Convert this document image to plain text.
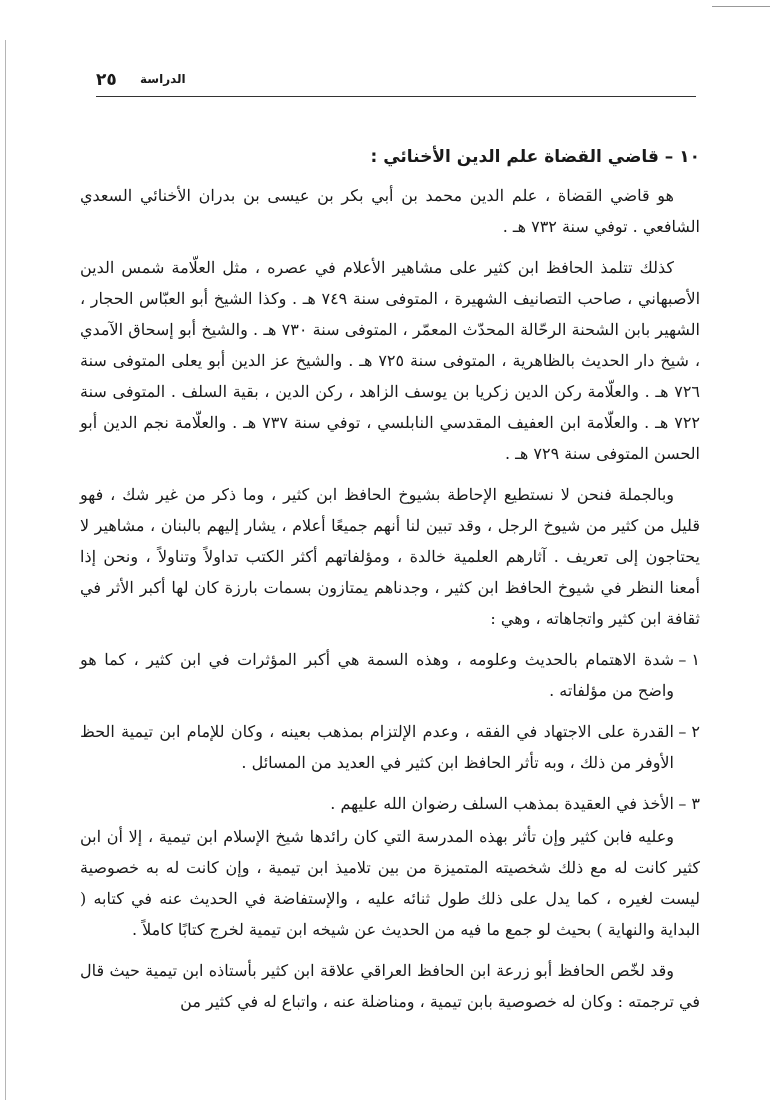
٢٥ الدراسة
١٠ – قاضي القضاة علم الدين الأخنائي :

هو قاضي القضاة ، علم الدين محمد بن أبي بكر بن عيسى بن بدران الأخنائي السعدي الشافعي . توفي سنة ٧٣٢ هـ .

كذلك تتلمذ الحافظ ابن كثير على مشاهير الأعلام في عصره ، مثل العلّامة شمس الدين الأصبهاني ، صاحب التصانيف الشهيرة ، المتوفى سنة ٧٤٩ هـ . وكذا الشيخ أبو العبّاس الحجار ، الشهير بابن الشحنة الرحّالة المحدّث المعمّر ، المتوفى سنة ٧٣٠ هـ . والشيخ أبو إسحاق الآمدي ، شيخ دار الحديث بالظاهرية ، المتوفى سنة ٧٢٥ هـ . والشيخ عز الدين أبو يعلى المتوفى سنة ٧٢٦ هـ . والعلّامة ركن الدين زكريا بن يوسف الزاهد ، ركن الدين ، بقية السلف . المتوفى سنة ٧٢٢ هـ . والعلّامة ابن العفيف المقدسي النابلسي ، توفي سنة ٧٣٧ هـ . والعلّامة نجم الدين أبو الحسن المتوفى سنة ٧٢٩ هـ .

وبالجملة فنحن لا نستطيع الإحاطة بشيوخ الحافظ ابن كثير ، وما ذكر من غير شك ، فهو قليل من كثير من شيوخ الرجل ، وقد تبين لنا أنهم جميعًا أعلام ، يشار إليهم بالبنان ، مشاهير لا يحتاجون إلى تعريف . آثارهم العلمية خالدة ، ومؤلفاتهم أكثر الكتب تداولاً وتناولاً ، ونحن إذا أمعنا النظر في شيوخ الحافظ ابن كثير ، وجدناهم يمتازون بسمات بارزة كان لها أكبر الأثر في ثقافة ابن كثير واتجاهاته ، وهي :

١ –شدة الاهتمام بالحديث وعلومه ، وهذه السمة هي أكبر المؤثرات في ابن كثير ، كما هو واضح من مؤلفاته .

٢ –القدرة على الاجتهاد في الفقه ، وعدم الإلتزام بمذهب بعينه ، وكان للإمام ابن تيمية الحظ الأوفر من ذلك ، وبه تأثر الحافظ ابن كثير في العديد من المسائل .

٣ –الأخذ في العقيدة بمذهب السلف رضوان الله عليهم .

وعليه فابن كثير وإن تأثر بهذه المدرسة التي كان رائدها شيخ الإسلام ابن تيمية ، إلا أن ابن كثير كانت له مع ذلك شخصيته المتميزة من بين تلاميذ ابن تيمية ، وإن كانت له به خصوصية ليست لغيره ، كما يدل على ذلك طول ثنائه عليه ، والإستفاضة في الحديث عنه في كتابه ( البداية والنهاية ) بحيث لو جمع ما فيه من الحديث عن شيخه ابن تيمية لخرج كتابًا كاملاً .

وقد لخّص الحافظ أبو زرعة ابن الحافظ العراقي علاقة ابن كثير بأستاذه ابن تيمية حيث قال في ترجمته : وكان له خصوصية بابن تيمية ، ومناضلة عنه ، واتباع له في كثير من
